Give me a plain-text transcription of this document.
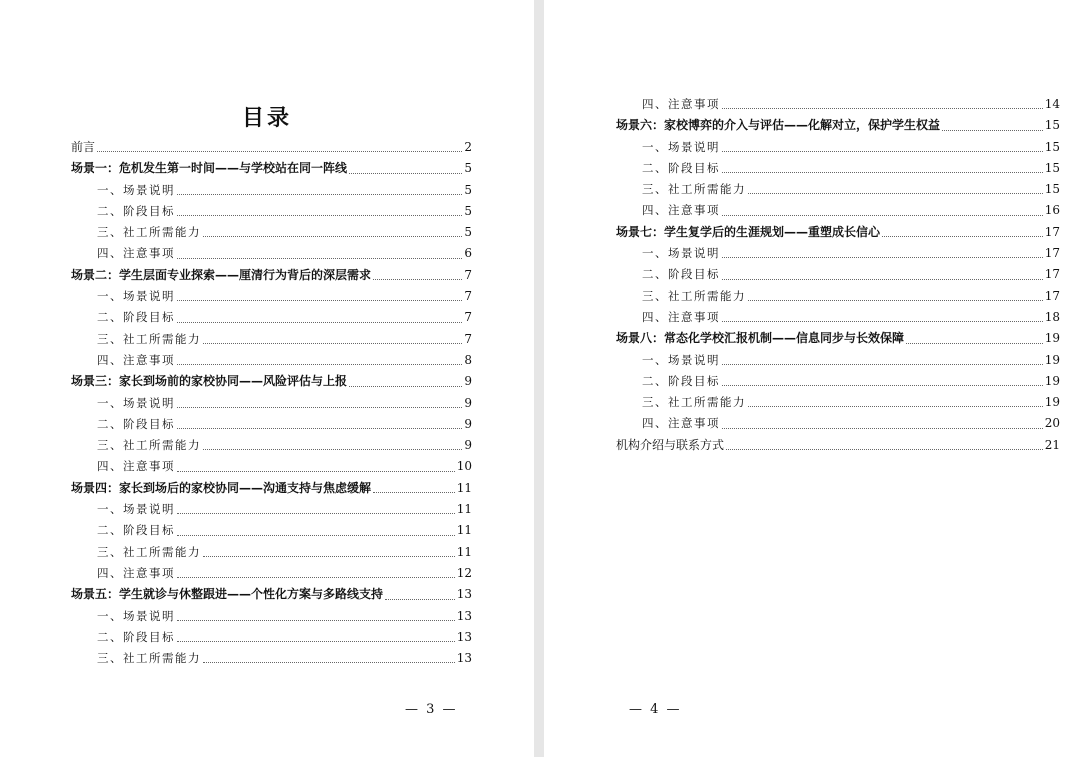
目录
前言	2
场景一：危机发生第一时间——与学校站在同一阵线	5
一、场景说明	5
二、阶段目标	5
三、社工所需能力	5
四、注意事项	6
场景二：学生层面专业探索——厘清行为背后的深层需求	7
一、场景说明	7
二、阶段目标	7
三、社工所需能力	7
四、注意事项	8
场景三：家长到场前的家校协同——风险评估与上报	9
一、场景说明	9
二、阶段目标	9
三、社工所需能力	9
四、注意事项	10
场景四：家长到场后的家校协同——沟通支持与焦虑缓解	11
一、场景说明	11
二、阶段目标	11
三、社工所需能力	11
四、注意事项	12
场景五：学生就诊与休整跟进——个性化方案与多路线支持	13
一、场景说明	13
二、阶段目标	13
三、社工所需能力	13
— 3 —
四、注意事项	14
场景六：家校博弈的介入与评估——化解对立，保护学生权益	15
一、场景说明	15
二、阶段目标	15
三、社工所需能力	15
四、注意事项	16
场景七：学生复学后的生涯规划——重塑成长信心	17
一、场景说明	17
二、阶段目标	17
三、社工所需能力	17
四、注意事项	18
场景八：常态化学校汇报机制——信息同步与长效保障	19
一、场景说明	19
二、阶段目标	19
三、社工所需能力	19
四、注意事项	20
机构介绍与联系方式	21
— 4 —
